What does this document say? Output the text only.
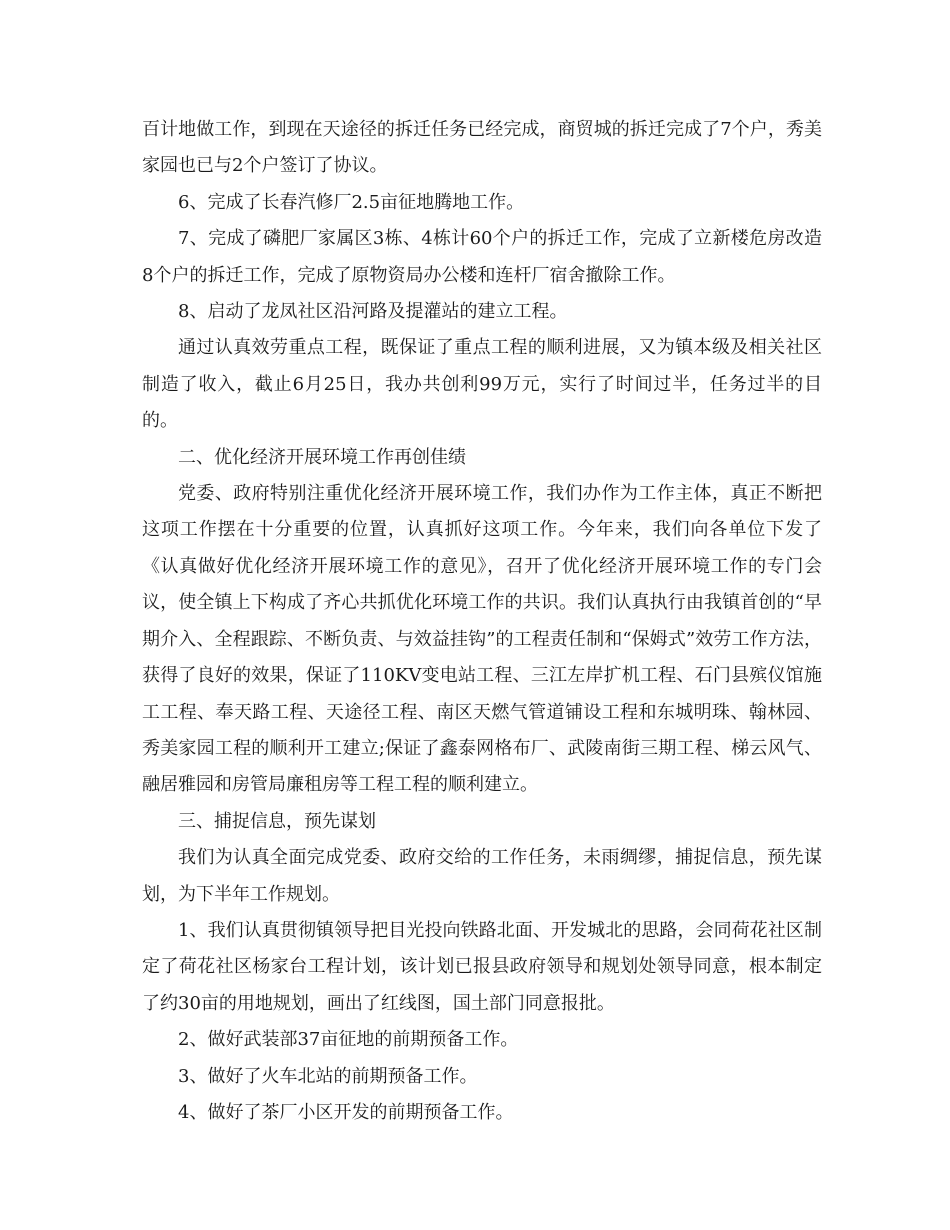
百计地做工作，到现在天途径的拆迁任务已经完成，商贸城的拆迁完成了7个户，秀美家园也已与2个户签订了协议。

6、完成了长春汽修厂2.5亩征地腾地工作。

7、完成了磷肥厂家属区3栋、4栋计60个户的拆迁工作，完成了立新楼危房改造8个户的拆迁工作，完成了原物资局办公楼和连杆厂宿舍撤除工作。

8、启动了龙凤社区沿河路及提灌站的建立工程。

通过认真效劳重点工程，既保证了重点工程的顺利进展，又为镇本级及相关社区制造了收入，截止6月25日，我办共创利99万元，实行了时间过半，任务过半的目的。

二、优化经济开展环境工作再创佳绩

党委、政府特别注重优化经济开展环境工作，我们办作为工作主体，真正不断把这项工作摆在十分重要的位置，认真抓好这项工作。今年来，我们向各单位下发了《认真做好优化经济开展环境工作的意见》，召开了优化经济开展环境工作的专门会议，使全镇上下构成了齐心共抓优化环境工作的共识。我们认真执行由我镇首创的“早期介入、全程跟踪、不断负责、与效益挂钩”的工程责任制和“保姆式”效劳工作方法，获得了良好的效果，保证了110KV变电站工程、三江左岸扩机工程、石门县殡仪馆施工工程、奉天路工程、天途径工程、南区天燃气管道铺设工程和东城明珠、翰林园、秀美家园工程的顺利开工建立;保证了鑫泰网格布厂、武陵南街三期工程、梯云风气、融居雅园和房管局廉租房等工程工程的顺利建立。

三、捕捉信息，预先谋划

我们为认真全面完成党委、政府交给的工作任务，未雨绸缪，捕捉信息，预先谋划，为下半年工作规划。

1、我们认真贯彻镇领导把目光投向铁路北面、开发城北的思路，会同荷花社区制定了荷花社区杨家台工程计划，该计划已报县政府领导和规划处领导同意，根本制定了约30亩的用地规划，画出了红线图，国土部门同意报批。

2、做好武装部37亩征地的前期预备工作。

3、做好了火车北站的前期预备工作。

4、做好了茶厂小区开发的前期预备工作。
